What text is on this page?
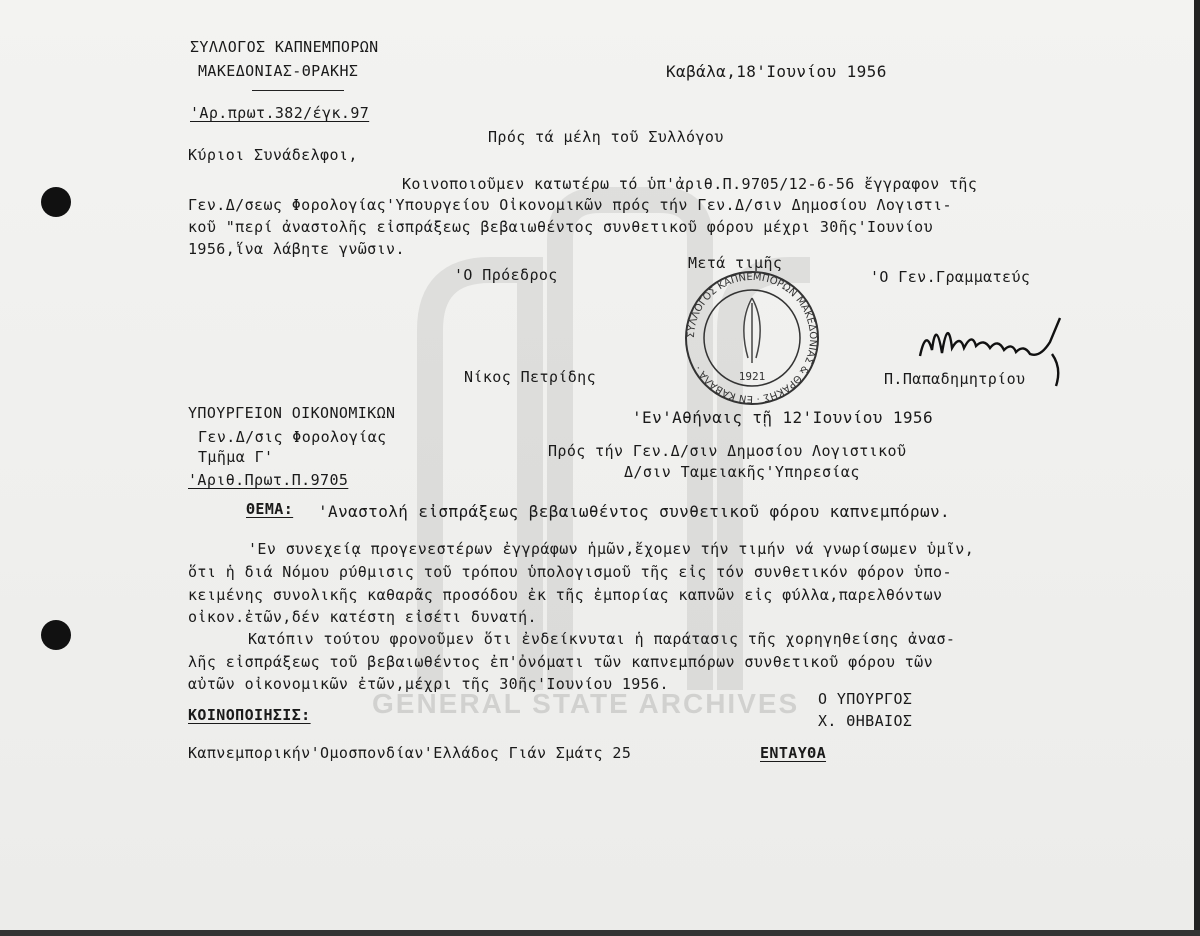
GENERAL STATE ARCHIVES
ΣΥΛΛΟΓΟΣ ΚΑΠΝΕΜΠΟΡΩΝ
ΜΑΚΕΔΟΝΙΑΣ-ΘΡΑΚΗΣ	Καβάλα,18'Ιουνίου 1956
'Αρ.πρωτ.382/έγκ.97
Πρός τά μέλη τοῦ Συλλόγου
Κύριοι Συνάδελφοι,
Κοινοποιοῦμεν κατωτέρω τό ὑπ'ἀριθ.Π.9705/12-6-56 ἔγγραφον τῆς
Γεν.Δ/σεως Φορολογίας'Υπουργείου Οἰκονομικῶν πρός τήν Γεν.Δ/σιν Δημοσίου Λογιστι-
κοῦ "περί ἀναστολῆς εἰσπράξεως βεβαιωθέντος συνθετικοῦ φόρου μέχρι 30ῆς'Ιουνίου
1956,ἵνα λάβητε γνῶσιν.
Μετά τιμῆς
'Ο Πρόεδρος	'Ο Γεν.Γραμματεύς
ΣΥΛΛΟΓΟΣ ΚΑΠΝΕΜΠΟΡΩΝ ΜΑΚΕΔΟΝΙΑΣ & ΘΡΑΚΗΣ · ΕΝ ΚΑΒΑΛΑ ·
1921
Νίκος Πετρίδης	Π.Παπαδημητρίου
ΥΠΟΥΡΓΕΙΟΝ ΟΙΚΟΝΟΜΙΚΩΝ
Γεν.Δ/σις Φορολογίας
Τμῆμα Γ'
'Αριθ.Πρωτ.Π.9705
'Εν'Αθήναις τῇ 12'Ιουνίου 1956
Πρός τήν Γεν.Δ/σιν Δημοσίου Λογιστικοῦ
Δ/σιν Ταμειακῆς'Υπηρεσίας
ΘΕΜΑ: 'Αναστολή εἰσπράξεως βεβαιωθέντος συνθετικοῦ φόρου καπνεμπόρων.
'Εν συνεχείᾳ προγενεστέρων ἐγγράφων ἡμῶν,ἔχομεν τήν τιμήν νά γνωρίσωμεν ὑμῖν,
ὅτι ἡ διά Νόμου ρύθμισις τοῦ τρόπου ὑπολογισμοῦ τῆς εἰς τόν συνθετικόν φόρον ὑπο-
κειμένης συνολικῆς καθαρᾶς προσόδου ἐκ τῆς ἐμπορίας καπνῶν εἰς φύλλα,παρελθόντων
οἰκον.ἐτῶν,δέν κατέστη εἰσέτι δυνατή.
Κατόπιν τούτου φρονοῦμεν ὅτι ἐνδείκνυται ἡ παράτασις τῆς χορηγηθείσης ἀνασ-
λῆς εἰσπράξεως τοῦ βεβαιωθέντος ἐπ'ὀνόματι τῶν καπνεμπόρων συνθετικοῦ φόρου τῶν
αὐτῶν οἰκονομικῶν ἐτῶν,μέχρι τῆς 30ῆς'Ιουνίου 1956.
Ο ΥΠΟΥΡΓΟΣ
Χ. ΘΗΒΑΙΟΣ
ΚΟΙΝΟΠΟΙΗΣΙΣ:
Καπνεμπορικήν'Ομοσπονδίαν'Ελλάδος Γιάν Σμάτς 25	ΕΝΤΑΥΘΑ
